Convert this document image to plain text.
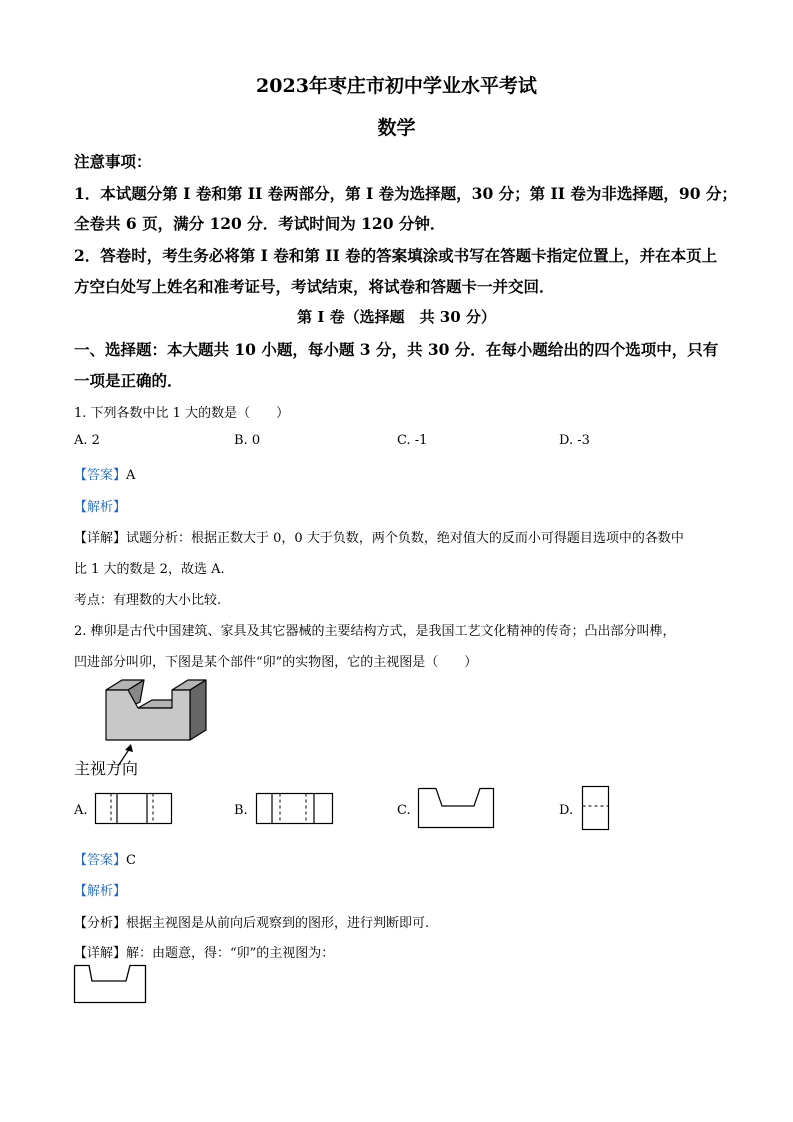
2023年枣庄市初中学业水平考试
数学
注意事项：
1．本试题分第 I 卷和第 II 卷两部分，第 I 卷为选择题，30 分；第 II 卷为非选择题，90 分；
全卷共 6 页，满分 120 分．考试时间为 120 分钟．
2．答卷时，考生务必将第 I 卷和第 II 卷的答案填涂或书写在答题卡指定位置上，并在本页上
方空白处写上姓名和准考证号，考试结束，将试卷和答题卡一并交回．
第 I 卷（选择题　共 30 分）
一、选择题：本大题共 10 小题，每小题 3 分，共 30 分．在每小题给出的四个选项中，只有
一项是正确的．
1. 下列各数中比 1 大的数是（　　）
A. 2	B. 0	C. -1	D. -3
【答案】A
【解析】
【详解】试题分析：根据正数大于 0，0 大于负数，两个负数，绝对值大的反而小可得题目选项中的各数中
比 1 大的数是 2，故选 A.
考点：有理数的大小比较.
2. 榫卯是古代中国建筑、家具及其它器械的主要结构方式，是我国工艺文化精神的传奇；凸出部分叫榫，
凹进部分叫卯，下图是某个部件“卯”的实物图，它的主视图是（　　）
主视方向
A.	B.	C.	D.
【答案】C
【解析】
【分析】根据主视图是从前向后观察到的图形，进行判断即可.
【详解】解：由题意，得：“卯”的主视图为：
